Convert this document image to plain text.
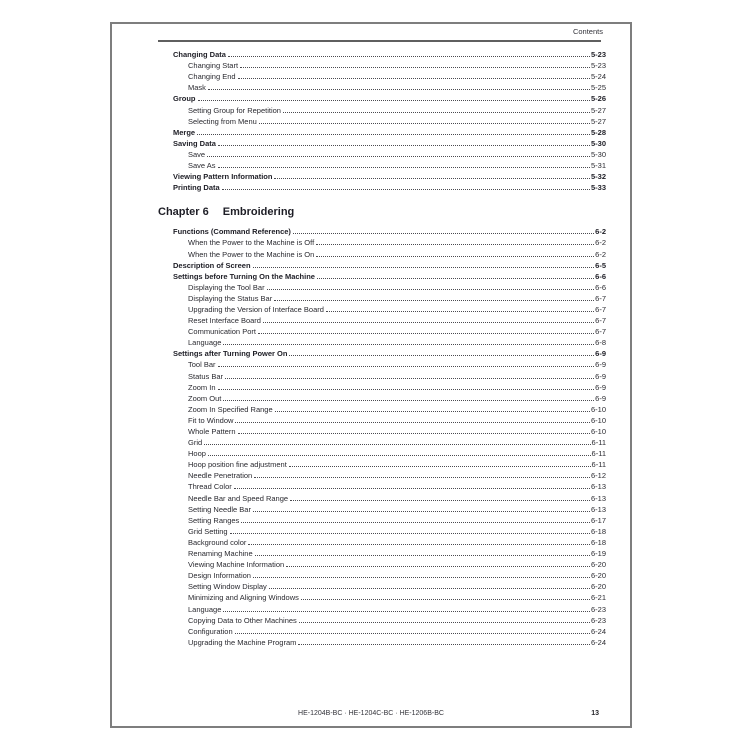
Contents
Changing Data	5-23
Changing Start	5-23
Changing End	5-24
Mask	5-25
Group	5-26
Setting Group for Repetition	5-27
Selecting from Menu	5-27
Merge	5-28
Saving Data	5-30
Save	5-30
Save As	5-31
Viewing Pattern Information	5-32
Printing Data	5-33
Chapter 6 Embroidering
Functions (Command Reference)	6-2
When the Power to the Machine is Off	6-2
When the Power to the Machine is On	6-2
Description of Screen	6-5
Settings before Turning On the Machine	6-6
Displaying the Tool Bar	6-6
Displaying the Status Bar	6-7
Upgrading the Version of Interface Board	6-7
Reset Interface Board	6-7
Communication Port	6-7
Language	6-8
Settings after Turning Power On	6-9
Tool Bar	6-9
Status Bar	6-9
Zoom In	6-9
Zoom Out	6-9
Zoom In Specified Range	6-10
Fit to Window	6-10
Whole Pattern	6-10
Grid	6-11
Hoop	6-11
Hoop position fine adjustment	6-11
Needle Penetration	6-12
Thread Color	6-13
Needle Bar and Speed Range	6-13
Setting Needle Bar	6-13
Setting Ranges	6-17
Grid Setting	6-18
Background color	6-18
Renaming Machine	6-19
Viewing Machine Information	6-20
Design Information	6-20
Setting Window Display	6-20
Minimizing and Aligning Windows	6-21
Language	6-23
Copying Data to Other Machines	6-23
Configuration	6-24
Upgrading the Machine Program	6-24
HE-1204B-BC · HE-1204C-BC · HE-1206B-BC	13
